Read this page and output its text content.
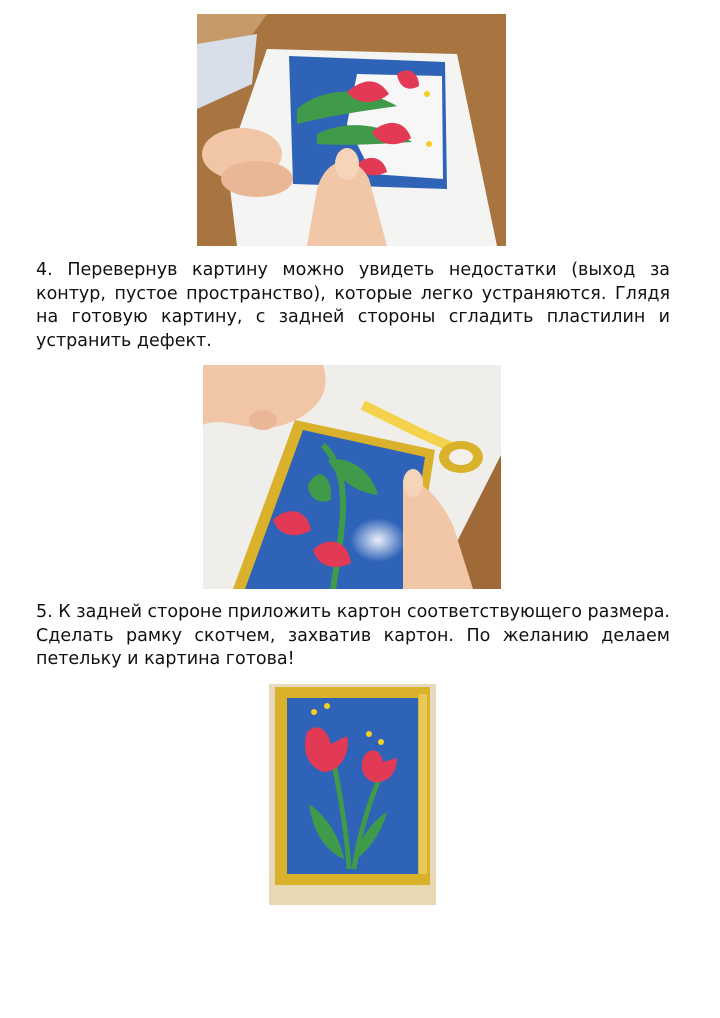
4. Перевернув картину можно увидеть недостатки (выход за контур, пустое пространство), которые легко устраняются. Глядя на готовую картину, с задней стороны сгладить пластилин и устранить дефект.

5. К задней стороне приложить картон соответствующего размера. Сделать рамку скотчем, захватив картон. По желанию делаем петельку и картина готова!
